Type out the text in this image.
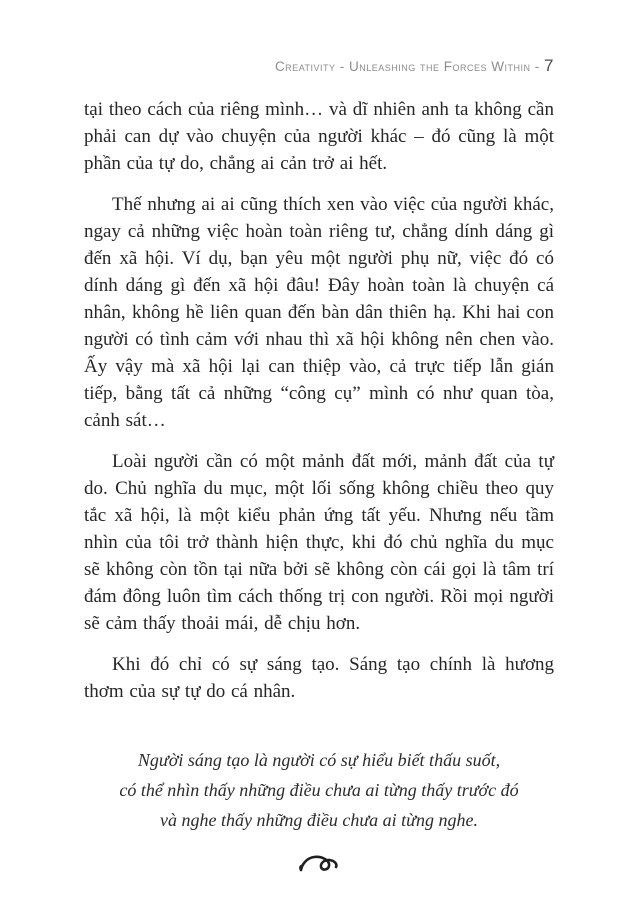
Creativity - Unleashing the Forces Within - 7

tại theo cách của riêng mình… và dĩ nhiên anh ta không cần phải can dự vào chuyện của người khác – đó cũng là một phần của tự do, chẳng ai cản trở ai hết.

Thế nhưng ai ai cũng thích xen vào việc của người khác, ngay cả những việc hoàn toàn riêng tư, chẳng dính dáng gì đến xã hội. Ví dụ, bạn yêu một người phụ nữ, việc đó có dính dáng gì đến xã hội đâu! Đây hoàn toàn là chuyện cá nhân, không hề liên quan đến bàn dân thiên hạ. Khi hai con người có tình cảm với nhau thì xã hội không nên chen vào. Ấy vậy mà xã hội lại can thiệp vào, cả trực tiếp lẫn gián tiếp, bằng tất cả những “công cụ” mình có như quan tòa, cảnh sát…

Loài người cần có một mảnh đất mới, mảnh đất của tự do. Chủ nghĩa du mục, một lối sống không chiều theo quy tắc xã hội, là một kiểu phản ứng tất yếu. Nhưng nếu tầm nhìn của tôi trở thành hiện thực, khi đó chủ nghĩa du mục sẽ không còn tồn tại nữa bởi sẽ không còn cái gọi là tâm trí đám đông luôn tìm cách thống trị con người. Rồi mọi người sẽ cảm thấy thoải mái, dễ chịu hơn.

Khi đó chỉ có sự sáng tạo. Sáng tạo chính là hương thơm của sự tự do cá nhân.

Người sáng tạo là người có sự hiểu biết thấu suốt,
có thể nhìn thấy những điều chưa ai từng thấy trước đó
và nghe thấy những điều chưa ai từng nghe.
